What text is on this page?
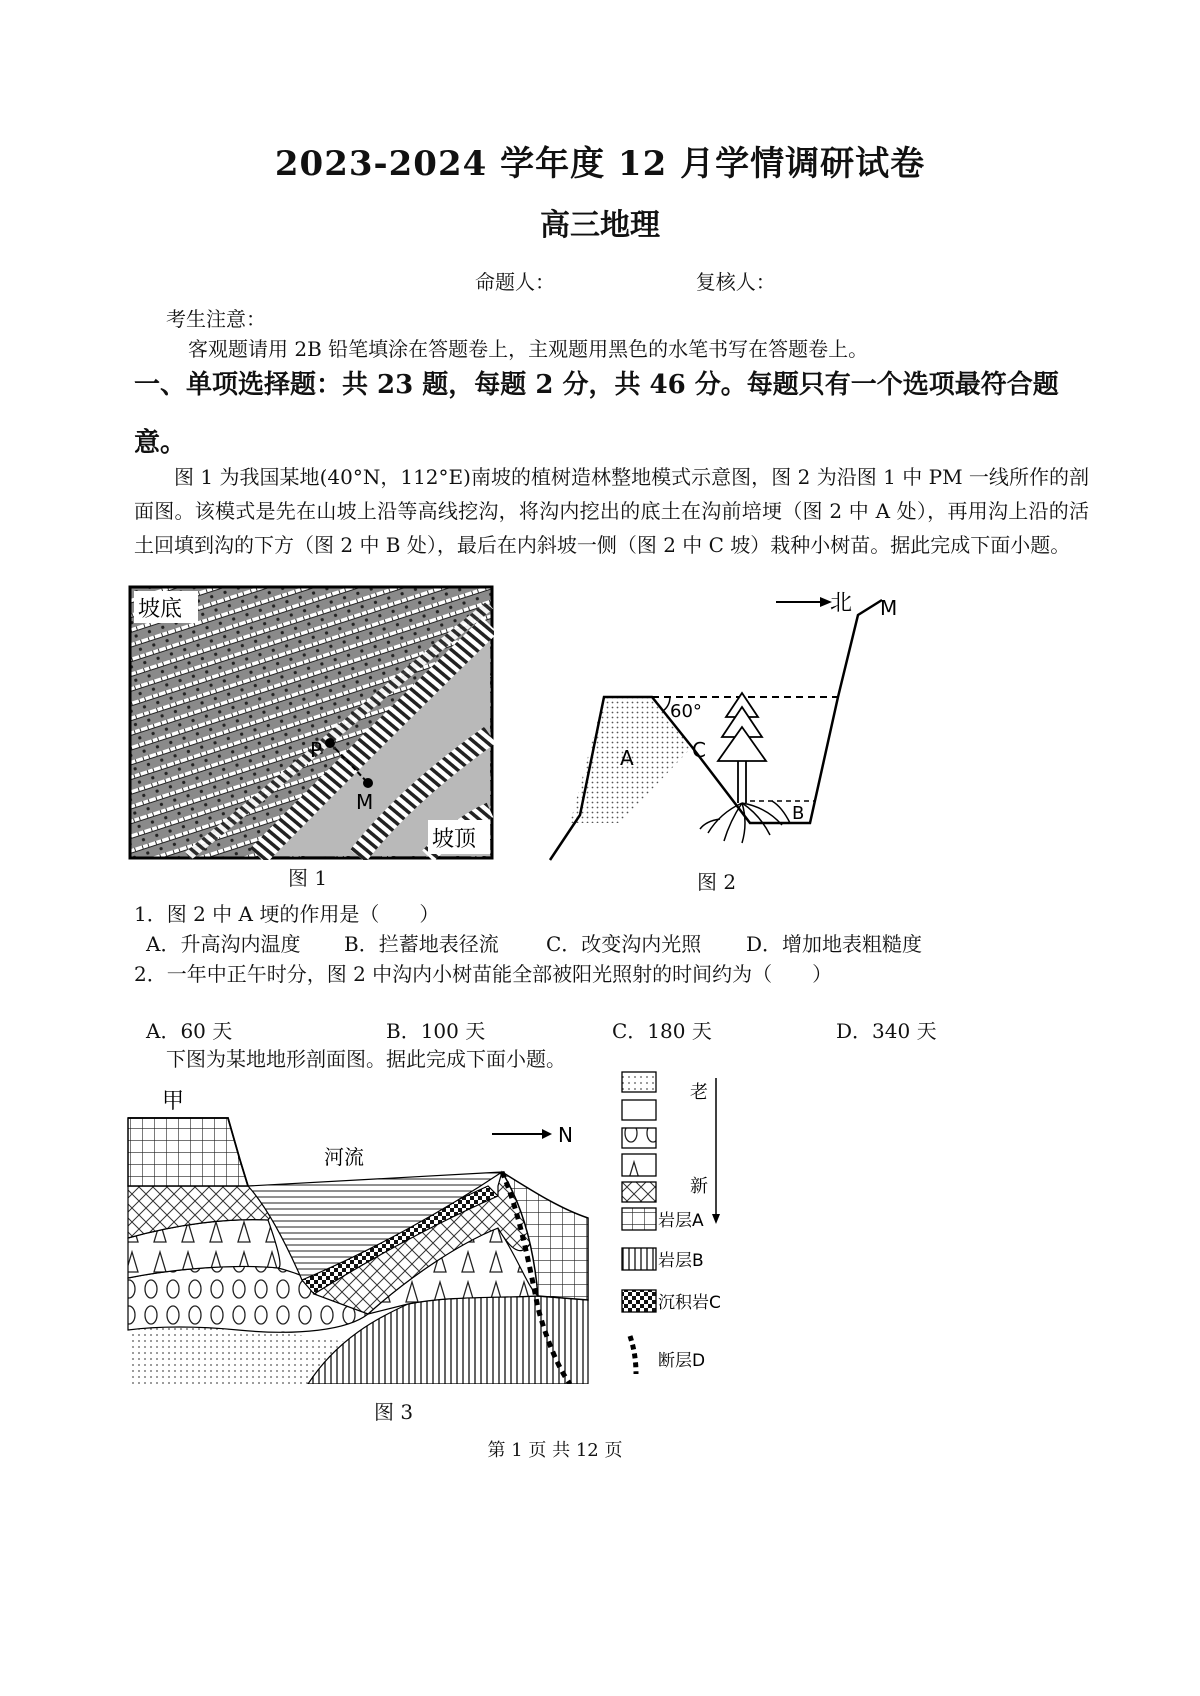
2023-2024 学年度 12 月学情调研试卷
高三地理
命题人：	复核人：
考生注意：
客观题请用 2B 铅笔填涂在答题卷上，主观题用黑色的水笔书写在答题卷上。
一、单项选择题：共 23 题，每题 2 分，共 46 分。每题只有一个选项最符合题
意。
图 1 为我国某地(40°N，112°E)南坡的植树造林整地模式示意图，图 2 为沿图 1 中 PM 一线所作的剖面图。该模式是先在山坡上沿等高线挖沟，将沟内挖出的底土在沟前培埂（图 2 中 A 处），再用沟上沿的活土回填到沟的下方（图 2 中 B 处），最后在内斜坡一侧（图 2 中 C 坡）栽种小树苗。据此完成下面小题。
坡底
坡顶
P
M
图 1
北 M
60°
A	C
B
图 2
1．图 2 中 A 埂的作用是（　　）
A．升高沟内温度 B．拦蓄地表径流 C．改变沟内光照 D．增加地表粗糙度
2．一年中正午时分，图 2 中沟内小树苗能全部被阳光照射的时间约为（　　）
A．60 天	B．100 天	C．180 天	D．340 天
下图为某地地形剖面图。据此完成下面小题。
甲
河流
N
老
新
岩层A
岩层B
沉积岩C
断层D
图 3
第 1 页 共 12 页
